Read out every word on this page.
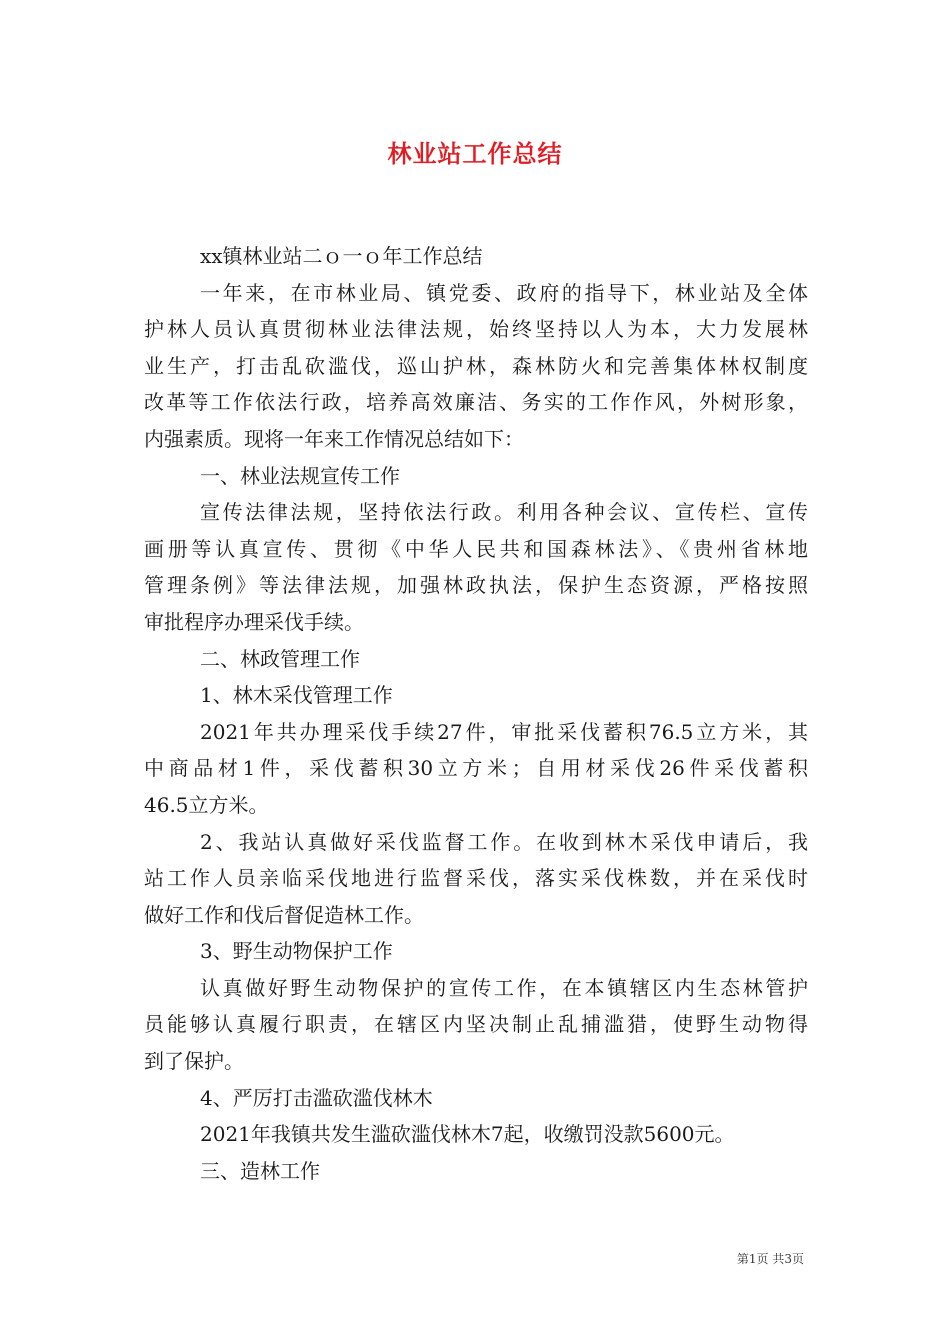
林业站工作总结
xx镇林业站二ｏ一ｏ年工作总结
一年来，在市林业局、镇党委、政府的指导下，林业站及全体
护林人员认真贯彻林业法律法规，始终坚持以人为本，大力发展林
业生产，打击乱砍滥伐，巡山护林，森林防火和完善集体林权制度
改革等工作依法行政，培养高效廉洁、务实的工作作风，外树形象，
内强素质。现将一年来工作情况总结如下：
一、林业法规宣传工作
宣传法律法规，坚持依法行政。利用各种会议、宣传栏、宣传
画册等认真宣传、贯彻《中华人民共和国森林法》、《贵州省林地
管理条例》等法律法规，加强林政执法，保护生态资源，严格按照
审批程序办理采伐手续。
二、林政管理工作
1、林木采伐管理工作
2021年共办理采伐手续27件，审批采伐蓄积76.5立方米，其
中商品材1件，采伐蓄积30立方米；自用材采伐26件采伐蓄积
46.5立方米。
2、我站认真做好采伐监督工作。在收到林木采伐申请后，我
站工作人员亲临采伐地进行监督采伐，落实采伐株数，并在采伐时
做好工作和伐后督促造林工作。
3、野生动物保护工作
认真做好野生动物保护的宣传工作，在本镇辖区内生态林管护
员能够认真履行职责，在辖区内坚决制止乱捕滥猎，使野生动物得
到了保护。
4、严厉打击滥砍滥伐林木
2021年我镇共发生滥砍滥伐林木7起，收缴罚没款5600元。
三、造林工作
第1页 共3页
